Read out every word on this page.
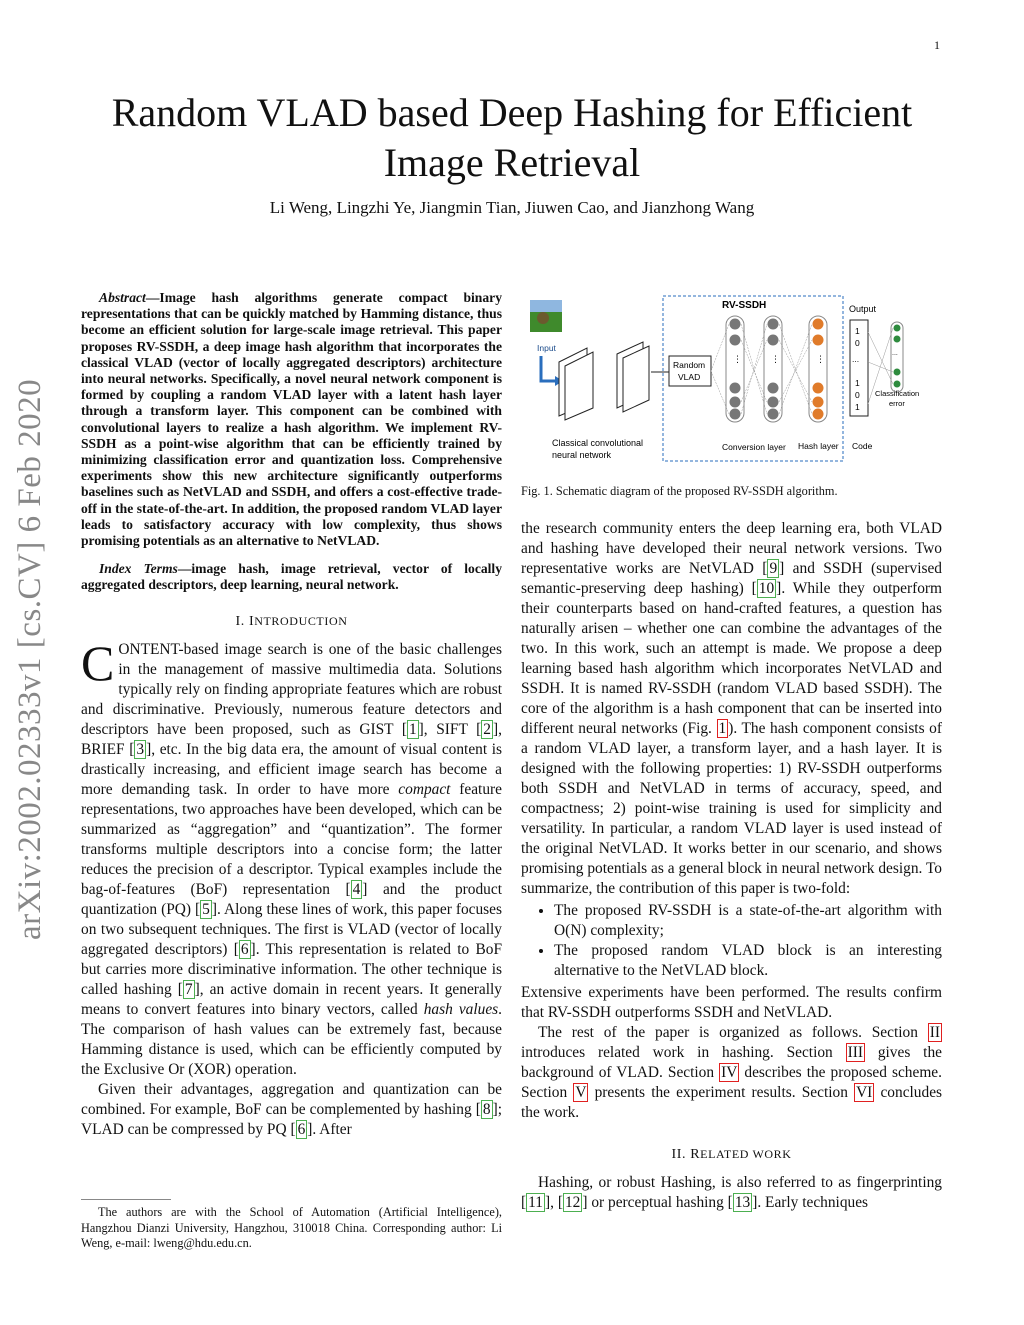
1
Random VLAD based Deep Hashing for Efficient
Image Retrieval
Li Weng, Lingzhi Ye, Jiangmin Tian, Jiuwen Cao, and Jianzhong Wang
arXiv:2002.02333v1 [cs.CV] 6 Feb 2020

Abstract—Image hash algorithms generate compact binary representations that can be quickly matched by Hamming distance, thus become an efficient solution for large-scale image retrieval. This paper proposes RV-SSDH, a deep image hash algorithm that incorporates the classical VLAD (vector of locally aggregated descriptors) architecture into neural networks. Specifically, a novel neural network component is formed by coupling a random VLAD layer with a latent hash layer through a transform layer. This component can be combined with convolutional layers to realize a hash algorithm. We implement RV-SSDH as a point-wise algorithm that can be efficiently trained by minimizing classification error and quantization loss. Comprehensive experiments show this new architecture significantly outperforms baselines such as NetVLAD and SSDH, and offers a cost-effective trade-off in the state-of-the-art. In addition, the proposed random VLAD layer leads to satisfactory accuracy with low complexity, thus shows promising potentials as an alternative to NetVLAD.

Index Terms—image hash, image retrieval, vector of locally aggregated descriptors, deep learning, neural network.

I. INTRODUCTION

CONTENT-based image search is one of the basic challenges in the management of massive multimedia data. Solutions typically rely on finding appropriate features which are robust and discriminative. Previously, numerous feature detectors and descriptors have been proposed, such as GIST [ 1 ], SIFT [ 2 ], BRIEF [ 3 ], etc. In the big data era, the amount of visual content is drastically increasing, and efficient image search has become a more demanding task. In order to have more compact feature representations, two approaches have been developed, which can be summarized as “aggregation” and “quantization”. The former transforms multiple descriptors into a concise form; the latter reduces the precision of a descriptor. Typical examples include the bag-of-features (BoF) representation [ 4 ] and the product quantization (PQ) [ 5 ]. Along these lines of work, this paper focuses on two subsequent techniques. The first is VLAD (vector of locally aggregated descriptors) [ 6 ]. This representation is related to BoF but carries more discriminative information. The other technique is called hashing [ 7 ], an active domain in recent years. It generally means to convert features into binary vectors, called hash values. The comparison of hash values can be extremely fast, because Hamming distance is used, which can be efficiently computed by the Exclusive Or (XOR) operation.

Given their advantages, aggregation and quantization can be combined. For example, BoF can be complemented by hashing [ 8 ]; VLAD can be compressed by PQ [ 6 ]. After

The authors are with the School of Automation (Artificial Intelligence), Hangzhou Dianzi University, Hangzhou, 310018 China. Corresponding author: Li Weng, e-mail: lweng@hdu.edu.cn.
Input
Classical convolutional
neural network
RV-SSDH
Random
VLAD
⋮	⋮	⋮
Conversion layer Hash layer
Output
1
0
...
1
0
1
Code
...
Classification
error
Fig. 1. Schematic diagram of the proposed RV-SSDH algorithm.

the research community enters the deep learning era, both VLAD and hashing have developed their neural network versions. Two representative works are NetVLAD [ 9 ] and SSDH (supervised semantic-preserving deep hashing) [ 10 ]. While they outperform their counterparts based on hand-crafted features, a question has naturally arisen – whether one can combine the advantages of the two. In this work, such an attempt is made. We propose a deep learning based hash algorithm which incorporates NetVLAD and SSDH. It is named RV-SSDH (random VLAD based SSDH). The core of the algorithm is a hash component that can be inserted into different neural networks (Fig. 1 ). The hash component consists of a random VLAD layer, a transform layer, and a hash layer. It is designed with the following properties: 1) RV-SSDH outperforms both SSDH and NetVLAD in terms of accuracy, speed, and compactness; 2) point-wise training is used for simplicity and versatility. In particular, a random VLAD layer is used instead of the original NetVLAD. It works better in our scenario, and shows promising potentials as a general block in neural network design. To summarize, the contribution of this paper is two-fold:

• The proposed RV-SSDH is a state-of-the-art algorithm with O(N) complexity;
• The proposed random VLAD block is an interesting alternative to the NetVLAD block.

Extensive experiments have been performed. The results confirm that RV-SSDH outperforms SSDH and NetVLAD.

The rest of the paper is organized as follows. Section II introduces related work in hashing. Section III gives the background of VLAD. Section IV describes the proposed scheme. Section V presents the experiment results. Section VI concludes the work.

II. RELATED WORK

Hashing, or robust Hashing, is also referred to as fingerprinting [ 11 ], [ 12 ] or perceptual hashing [ 13 ]. Early techniques
